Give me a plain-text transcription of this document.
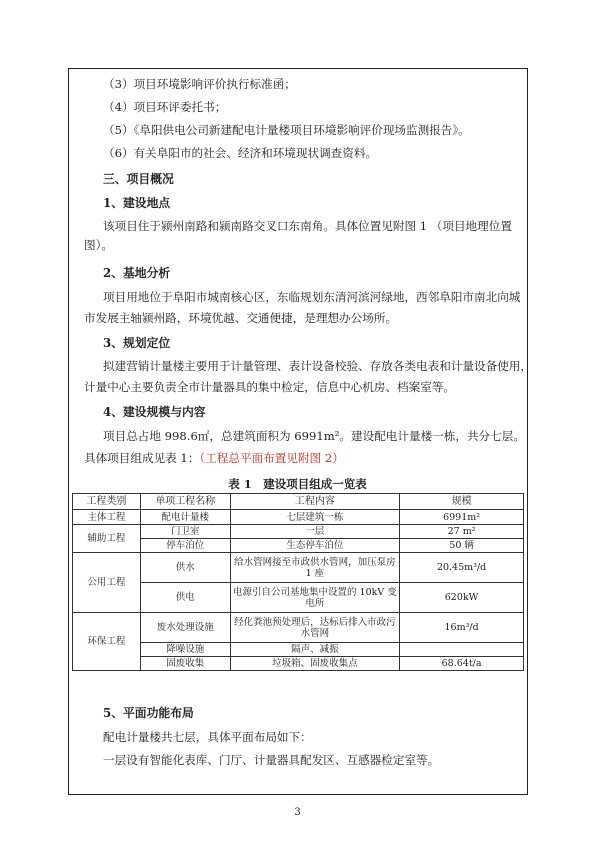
（3）项目环境影响评价执行标准函；
（4）项目环评委托书；
（5）《阜阳供电公司新建配电计量楼项目环境影响评价现场监测报告》。
（6）有关阜阳市的社会、经济和环境现状调查资料。
三、项目概况
1、建设地点
该项目住于颍州南路和颍南路交叉口东南角。具体位置见附图 1 （项目地理位置
图）。
2、基地分析
项目用地位于阜阳市城南核心区，东临规划东清河滨河绿地，西邻阜阳市南北向城
市发展主轴颍州路，环境优越、交通便捷，是理想办公场所。
3、规划定位
拟建营销计量楼主要用于计量管理、表计设备校验、存放各类电表和计量设备使用，
计量中心主要负责全市计量器具的集中检定，信息中心机房、档案室等。
4、建设规模与内容
项目总占地 998.6㎡，总建筑面积为 6991m²。建设配电计量楼一栋，共分七层。
具体项目组成见表 1：（工程总平面布置见附图 2）
表 1　建设项目组成一览表
工程类别	单项工程名称	工程内容	规模
主体工程	配电计量楼	七层建筑一栋	6991m²
辅助工程	门卫室	一层	27 m²
	停车泊位	生态停车泊位	50 辆
公用工程	供水	给水管网接至市政供水管网，加压泵房 1 座	20.45m³/d
	供电	电源引自公司基地集中设置的 10kV 变电所	620kW
环保工程	废水处理设施	经化粪池预处理后，达标后排入市政污水管网	16m³/d
	降噪设施	隔声、减振	
	固废收集	垃圾箱、固废收集点	68.64t/a
5、平面功能布局
配电计量楼共七层，具体平面布局如下：
一层设有智能化表库、门厅、计量器具配发区、互感器检定室等。
3
